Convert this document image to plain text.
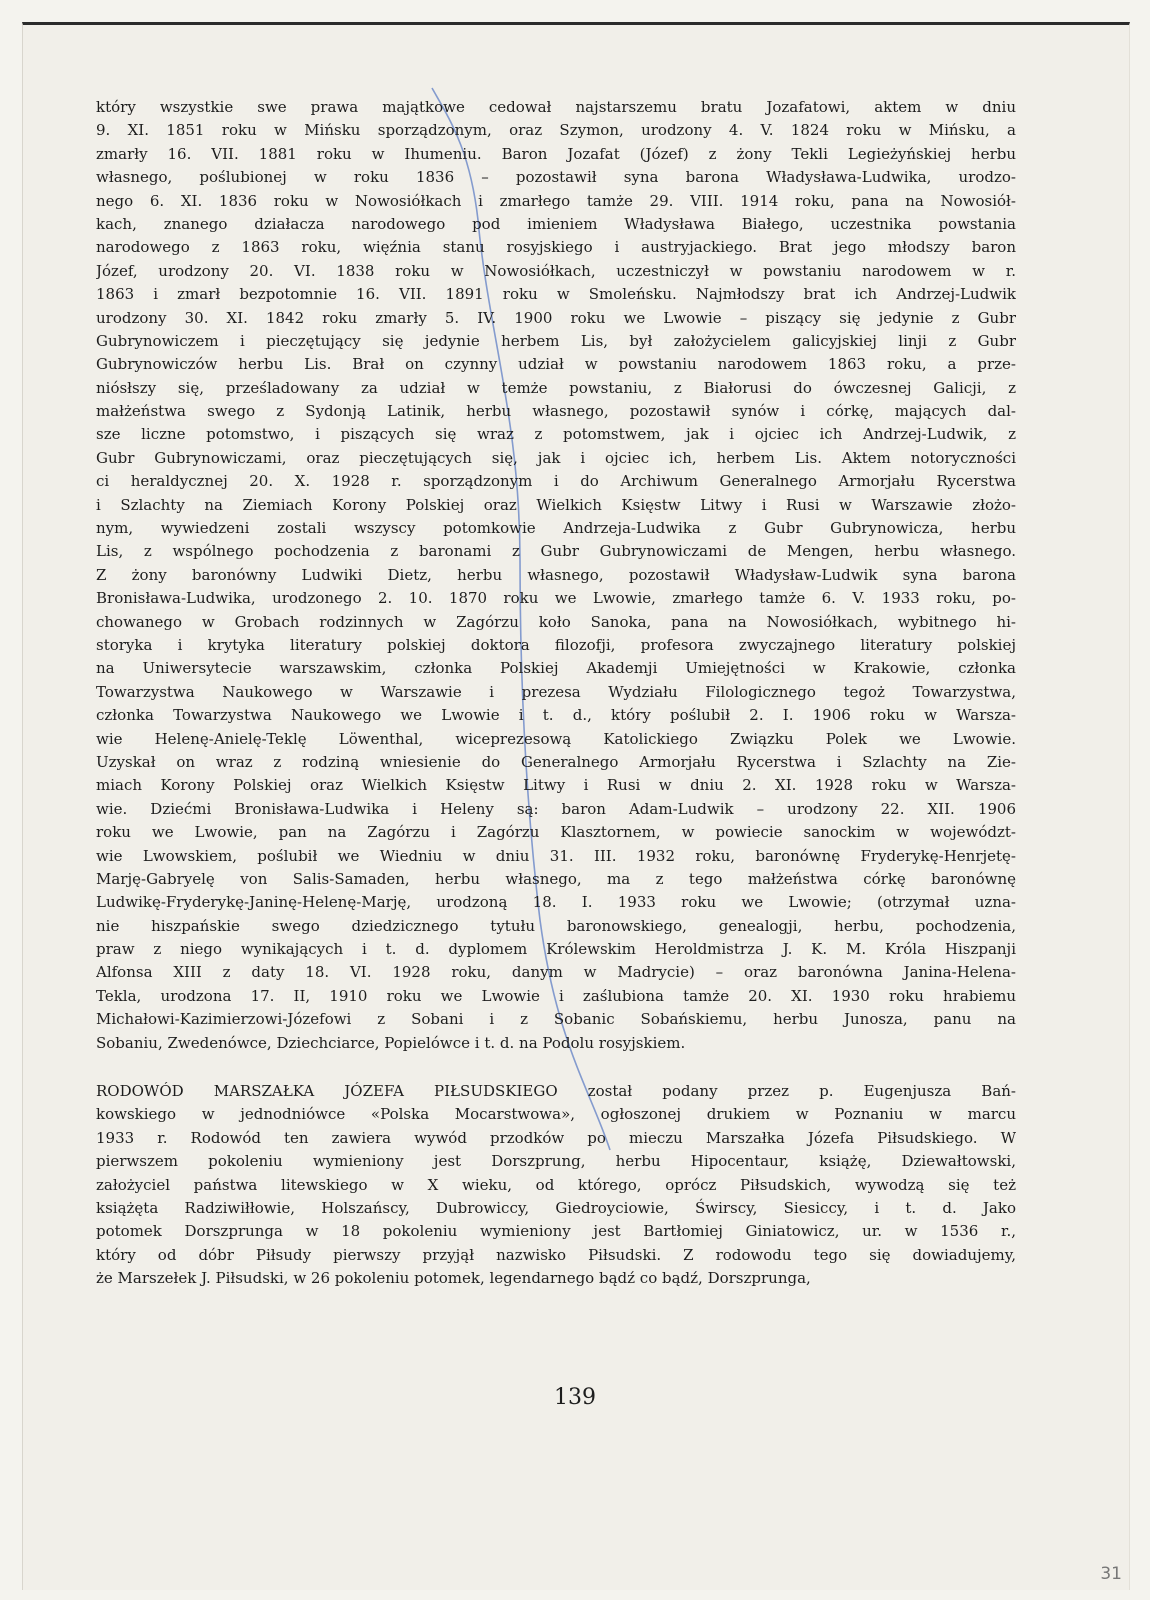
który wszystkie swe prawa majątkowe cedował najstarszemu bratu Jozafatowi, aktem w dniu
9. XI. 1851 roku w Mińsku sporządzonym, oraz Szymon, urodzony 4. V. 1824 roku w Mińsku, a
zmarły 16. VII. 1881 roku w Ihumeniu. Baron Jozafat (Józef) z żony Tekli Legieżyńskiej herbu
własnego, poślubionej w roku 1836 – pozostawił syna barona Władysława-Ludwika, urodzo-
nego 6. XI. 1836 roku w Nowosiółkach i zmarłego tamże 29. VIII. 1914 roku, pana na Nowosiół-
kach, znanego działacza narodowego pod imieniem Władysława Białego, uczestnika powstania
narodowego z 1863 roku, więźnia stanu rosyjskiego i austryjackiego. Brat jego młodszy baron
Józef, urodzony 20. VI. 1838 roku w Nowosiółkach, uczestniczył w powstaniu narodowem w r.
1863 i zmarł bezpotomnie 16. VII. 1891 roku w Smoleńsku. Najmłodszy brat ich Andrzej-Ludwik
urodzony 30. XI. 1842 roku zmarły 5. IV. 1900 roku we Lwowie – piszący się jedynie z Gubr
Gubrynowiczem i pieczętujący się jedynie herbem Lis, był założycielem galicyjskiej linji z Gubr
Gubrynowiczów herbu Lis. Brał on czynny udział w powstaniu narodowem 1863 roku, a prze-
niósłszy się, prześladowany za udział w temże powstaniu, z Białorusi do ówczesnej Galicji, z
małżeństwa swego z Sydonją Latinik, herbu własnego, pozostawił synów i córkę, mających dal-
sze liczne potomstwo, i piszących się wraz z potomstwem, jak i ojciec ich Andrzej-Ludwik, z
Gubr Gubrynowiczami, oraz pieczętujących się, jak i ojciec ich, herbem Lis. Aktem notoryczności
ci heraldycznej 20. X. 1928 r. sporządzonym i do Archiwum Generalnego Armorjału Rycerstwa
i Szlachty na Ziemiach Korony Polskiej oraz Wielkich Księstw Litwy i Rusi w Warszawie złożo-
nym, wywiedzeni zostali wszyscy potomkowie Andrzeja-Ludwika z Gubr Gubrynowicza, herbu
Lis, z wspólnego pochodzenia z baronami z Gubr Gubrynowiczami de Mengen, herbu własnego.
Z żony baronówny Ludwiki Dietz, herbu własnego, pozostawił Władysław-Ludwik syna barona
Bronisława-Ludwika, urodzonego 2. 10. 1870 roku we Lwowie, zmarłego tamże 6. V. 1933 roku, po-
chowanego w Grobach rodzinnych w Zagórzu koło Sanoka, pana na Nowosiółkach, wybitnego hi-
storyka i krytyka literatury polskiej doktora filozofji, profesora zwyczajnego literatury polskiej
na Uniwersytecie warszawskim, członka Polskiej Akademji Umiejętności w Krakowie, członka
Towarzystwa Naukowego w Warszawie i prezesa Wydziału Filologicznego tegoż Towarzystwa,
członka Towarzystwa Naukowego we Lwowie i t. d., który poślubił 2. I. 1906 roku w Warsza-
wie Helenę-Anielę-Teklę Löwenthal, wiceprezesową Katolickiego Związku Polek we Lwowie.
Uzyskał on wraz z rodziną wniesienie do Generalnego Armorjału Rycerstwa i Szlachty na Zie-
miach Korony Polskiej oraz Wielkich Księstw Litwy i Rusi w dniu 2. XI. 1928 roku w Warsza-
wie. Dziećmi Bronisława-Ludwika i Heleny są: baron Adam-Ludwik – urodzony 22. XII. 1906
roku we Lwowie, pan na Zagórzu i Zagórzu Klasztornem, w powiecie sanockim w województ-
wie Lwowskiem, poślubił we Wiedniu w dniu 31. III. 1932 roku, baronównę Fryderykę-Henrjetę-
Marję-Gabryelę von Salis-Samaden, herbu własnego, ma z tego małżeństwa córkę baronównę
Ludwikę-Fryderykę-Janinę-Helenę-Marję, urodzoną 18. I. 1933 roku we Lwowie; (otrzymał uzna-
nie hiszpańskie swego dziedzicznego tytułu baronowskiego, genealogji, herbu, pochodzenia,
praw z niego wynikających i t. d. dyplomem Królewskim Heroldmistrza J. K. M. Króla Hiszpanji
Alfonsa XIII z daty 18. VI. 1928 roku, danym w Madrycie) – oraz baronówna Janina-Helena-
Tekla, urodzona 17. II, 1910 roku we Lwowie i zaślubiona tamże 20. XI. 1930 roku hrabiemu
Michałowi-Kazimierzowi-Józefowi z Sobani i z Sobanic Sobańskiemu, herbu Junosza, panu na
Sobaniu, Zwedenówce, Dziechciarce, Popielówce i t. d. na Podolu rosyjskiem.
RODOWÓD MARSZAŁKA JÓZEFA PIŁSUDSKIEGO został podany przez p. Eugenjusza Bań-
kowskiego w jednodniówce «Polska Mocarstwowa», ogłoszonej drukiem w Poznaniu w marcu
1933 r. Rodowód ten zawiera wywód przodków po mieczu Marszałka Józefa Piłsudskiego. W
pierwszem pokoleniu wymieniony jest Dorszprung, herbu Hipocentaur, książę, Dziewałtowski,
założyciel państwa litewskiego w X wieku, od którego, oprócz Piłsudskich, wywodzą się też
książęta Radziwiłłowie, Holszańscy, Dubrowiccy, Giedroyciowie, Świrscy, Siesiccy, i t. d. Jako
potomek Dorszprunga w 18 pokoleniu wymieniony jest Bartłomiej Giniatowicz, ur. w 1536 r.,
który od dóbr Piłsudy pierwszy przyjął nazwisko Piłsudski. Z rodowodu tego się dowiadujemy,
że Marszełek J. Piłsudski, w 26 pokoleniu potomek, legendarnego bądź co bądź, Dorszprunga,
139
31
